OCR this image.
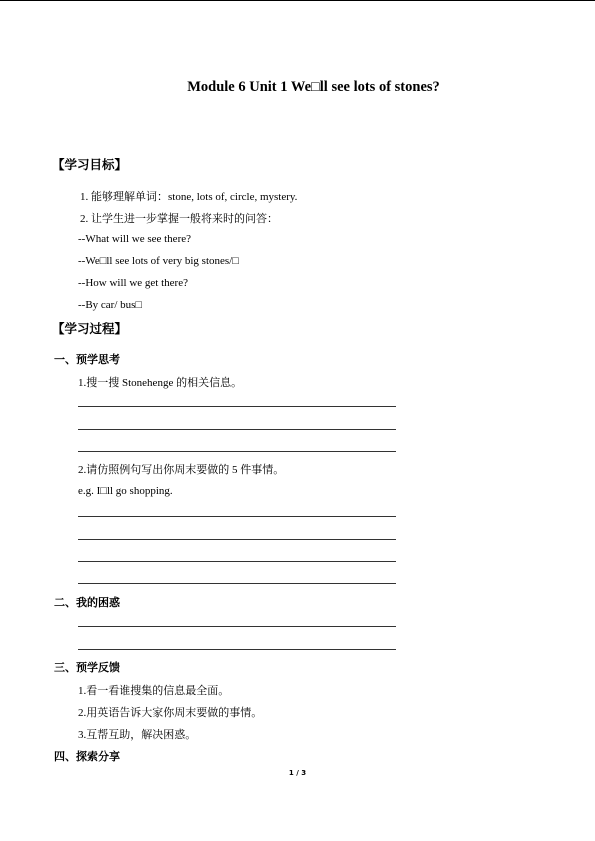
Module 6 Unit 1 We□ll see lots of stones?
【学习目标】
1. 能够理解单词：stone, lots of, circle, mystery.
2. 让学生进一步掌握一般将来时的问答：
--What will we see there?
--We□ll see lots of very big stones/□
--How will we get there?
--By car/ bus□
【学习过程】
一、预学思考
1.搜一搜 Stonehenge 的相关信息。
2.请仿照例句写出你周末要做的 5 件事情。
e.g. I□ll go shopping.
二、我的困惑
三、预学反馈
1.看一看谁搜集的信息最全面。
2.用英语告诉大家你周末要做的事情。
3.互帮互助，解决困惑。
四、探索分享
1 / 3
